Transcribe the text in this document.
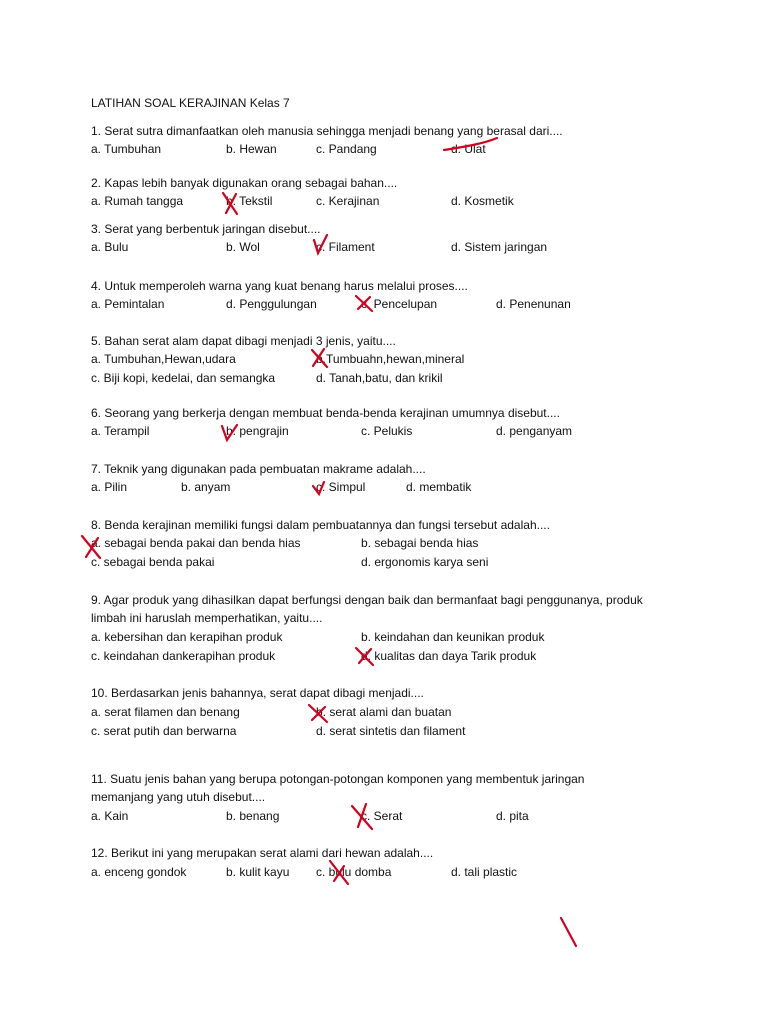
LATIHAN SOAL KERAJINAN Kelas 7
1. Serat sutra dimanfaatkan oleh manusia sehingga menjadi benang yang berasal dari....
a. Tumbuhan	b. Hewan	c. Pandang	d. Ulat
2. Kapas lebih banyak digunakan orang sebagai bahan....
a. Rumah tangga	b. Tekstil	c. Kerajinan	d. Kosmetik
3. Serat yang berbentuk jaringan disebut....
a. Bulu	b. Wol	c. Filament	d. Sistem jaringan
4. Untuk memperoleh warna yang kuat benang harus melalui proses....
a. Pemintalan	d. Penggulungan	c. Pencelupan	d. Penenunan
5. Bahan serat alam dapat dibagi menjadi 3 jenis, yaitu....
a. Tumbuhan,Hewan,udara	b.Tumbuahn,hewan,mineral
c. Biji kopi, kedelai, dan semangka	d. Tanah,batu, dan krikil
6. Seorang yang berkerja dengan membuat benda-benda kerajinan umumnya disebut....
a. Terampil	b. pengrajin	c. Pelukis	d. penganyam
7. Teknik yang digunakan pada pembuatan makrame adalah....
a. Pilin	b. anyam	c. Simpul	d. membatik
8. Benda kerajinan memiliki fungsi dalam pembuatannya dan fungsi tersebut adalah....
a. sebagai benda pakai dan benda hias	b. sebagai benda hias
c. sebagai benda pakai	d. ergonomis karya seni
9. Agar produk yang dihasilkan dapat berfungsi dengan baik dan bermanfaat bagi penggunanya, produk
limbah ini haruslah memperhatikan, yaitu....
a. kebersihan dan kerapihan produk	b. keindahan dan keunikan produk
c. keindahan dankerapihan produk	d. kualitas dan daya Tarik produk
10. Berdasarkan jenis bahannya, serat dapat dibagi menjadi....
a. serat filamen dan benang	b. serat alami dan buatan
c. serat putih dan berwarna	d. serat sintetis dan filament
11. Suatu jenis bahan yang berupa potongan-potongan komponen yang membentuk jaringan
memanjang yang utuh disebut....
a. Kain	b. benang	c. Serat	d. pita
12. Berikut ini yang merupakan serat alami dari hewan adalah....
a. enceng gondok	b. kulit kayu c. bulu domba	d. tali plastic
